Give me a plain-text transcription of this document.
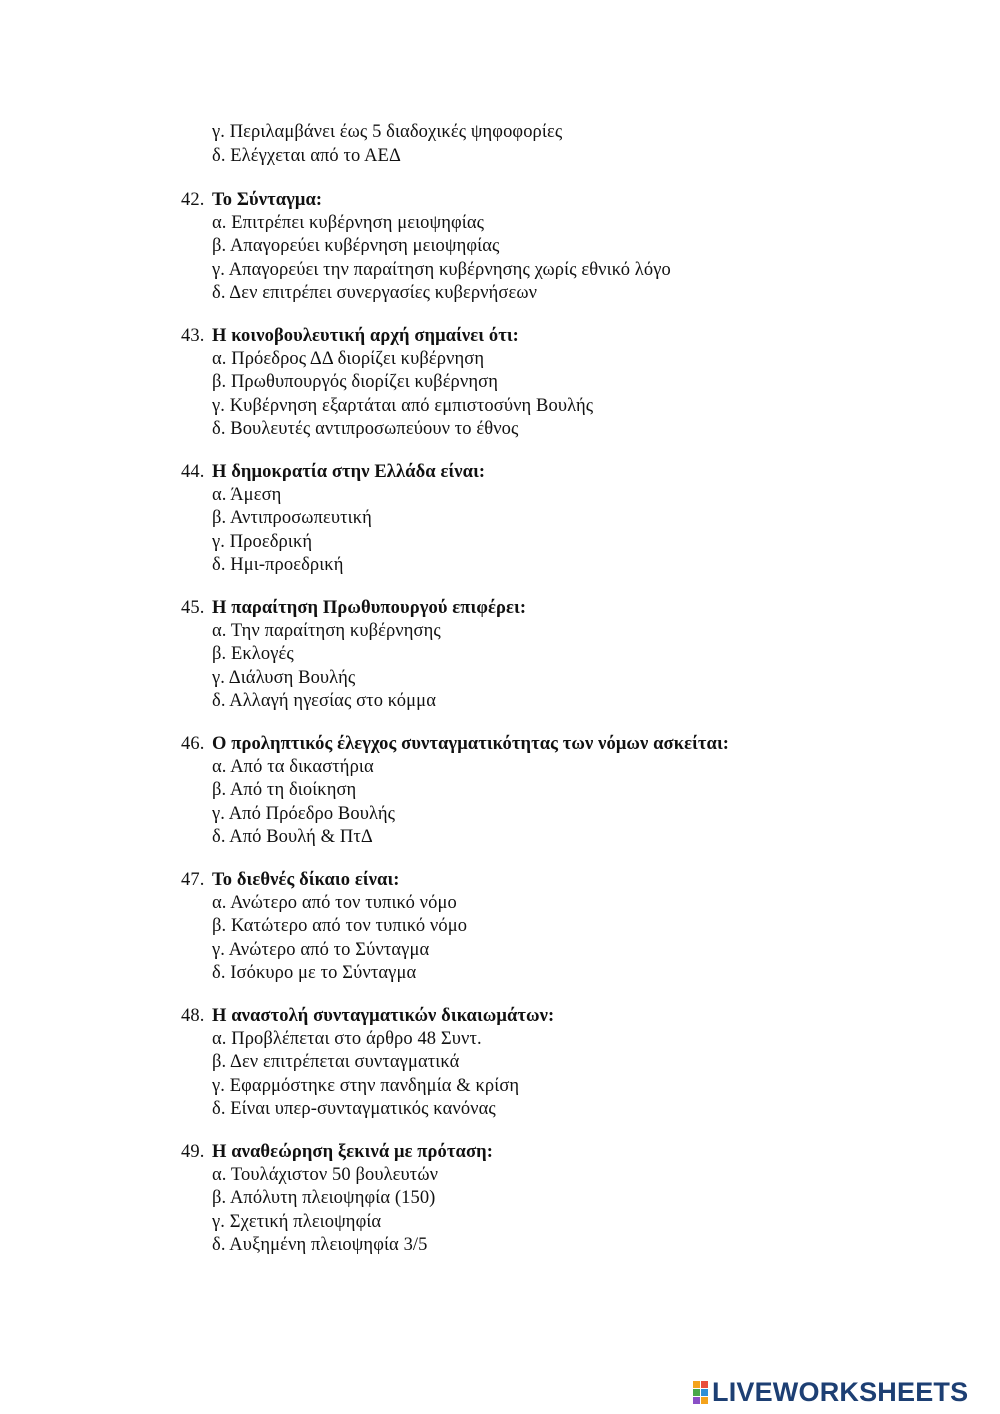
γ. Περιλαμβάνει έως 5 διαδοχικές ψηφοφορίες
δ. Ελέγχεται από το ΑΕΔ
42. Το Σύνταγμα:
α. Επιτρέπει κυβέρνηση μειοψηφίας
β. Απαγορεύει κυβέρνηση μειοψηφίας
γ. Απαγορεύει την παραίτηση κυβέρνησης χωρίς εθνικό λόγο
δ. Δεν επιτρέπει συνεργασίες κυβερνήσεων
43. Η κοινοβουλευτική αρχή σημαίνει ότι:
α. Πρόεδρος ΔΔ διορίζει κυβέρνηση
β. Πρωθυπουργός διορίζει κυβέρνηση
γ. Κυβέρνηση εξαρτάται από εμπιστοσύνη Βουλής
δ. Βουλευτές αντιπροσωπεύουν το έθνος
44. Η δημοκρατία στην Ελλάδα είναι:
α. Άμεση
β. Αντιπροσωπευτική
γ. Προεδρική
δ. Ημι-προεδρική
45. Η παραίτηση Πρωθυπουργού επιφέρει:
α. Την παραίτηση κυβέρνησης
β. Εκλογές
γ. Διάλυση Βουλής
δ. Αλλαγή ηγεσίας στο κόμμα
46. Ο προληπτικός έλεγχος συνταγματικότητας των νόμων ασκείται:
α. Από τα δικαστήρια
β. Από τη διοίκηση
γ. Από Πρόεδρο Βουλής
δ. Από Βουλή & ΠτΔ
47. Το διεθνές δίκαιο είναι:
α. Ανώτερο από τον τυπικό νόμο
β. Κατώτερο από τον τυπικό νόμο
γ. Ανώτερο από το Σύνταγμα
δ. Ισόκυρο με το Σύνταγμα
48. Η αναστολή συνταγματικών δικαιωμάτων:
α. Προβλέπεται στο άρθρο 48 Συντ.
β. Δεν επιτρέπεται συνταγματικά
γ. Εφαρμόστηκε στην πανδημία & κρίση
δ. Είναι υπερ-συνταγματικός κανόνας
49. Η αναθεώρηση ξεκινά με πρόταση:
α. Τουλάχιστον 50 βουλευτών
β. Απόλυτη πλειοψηφία (150)
γ. Σχετική πλειοψηφία
δ. Αυξημένη πλειοψηφία 3/5
LIVEWORKSHEETS
